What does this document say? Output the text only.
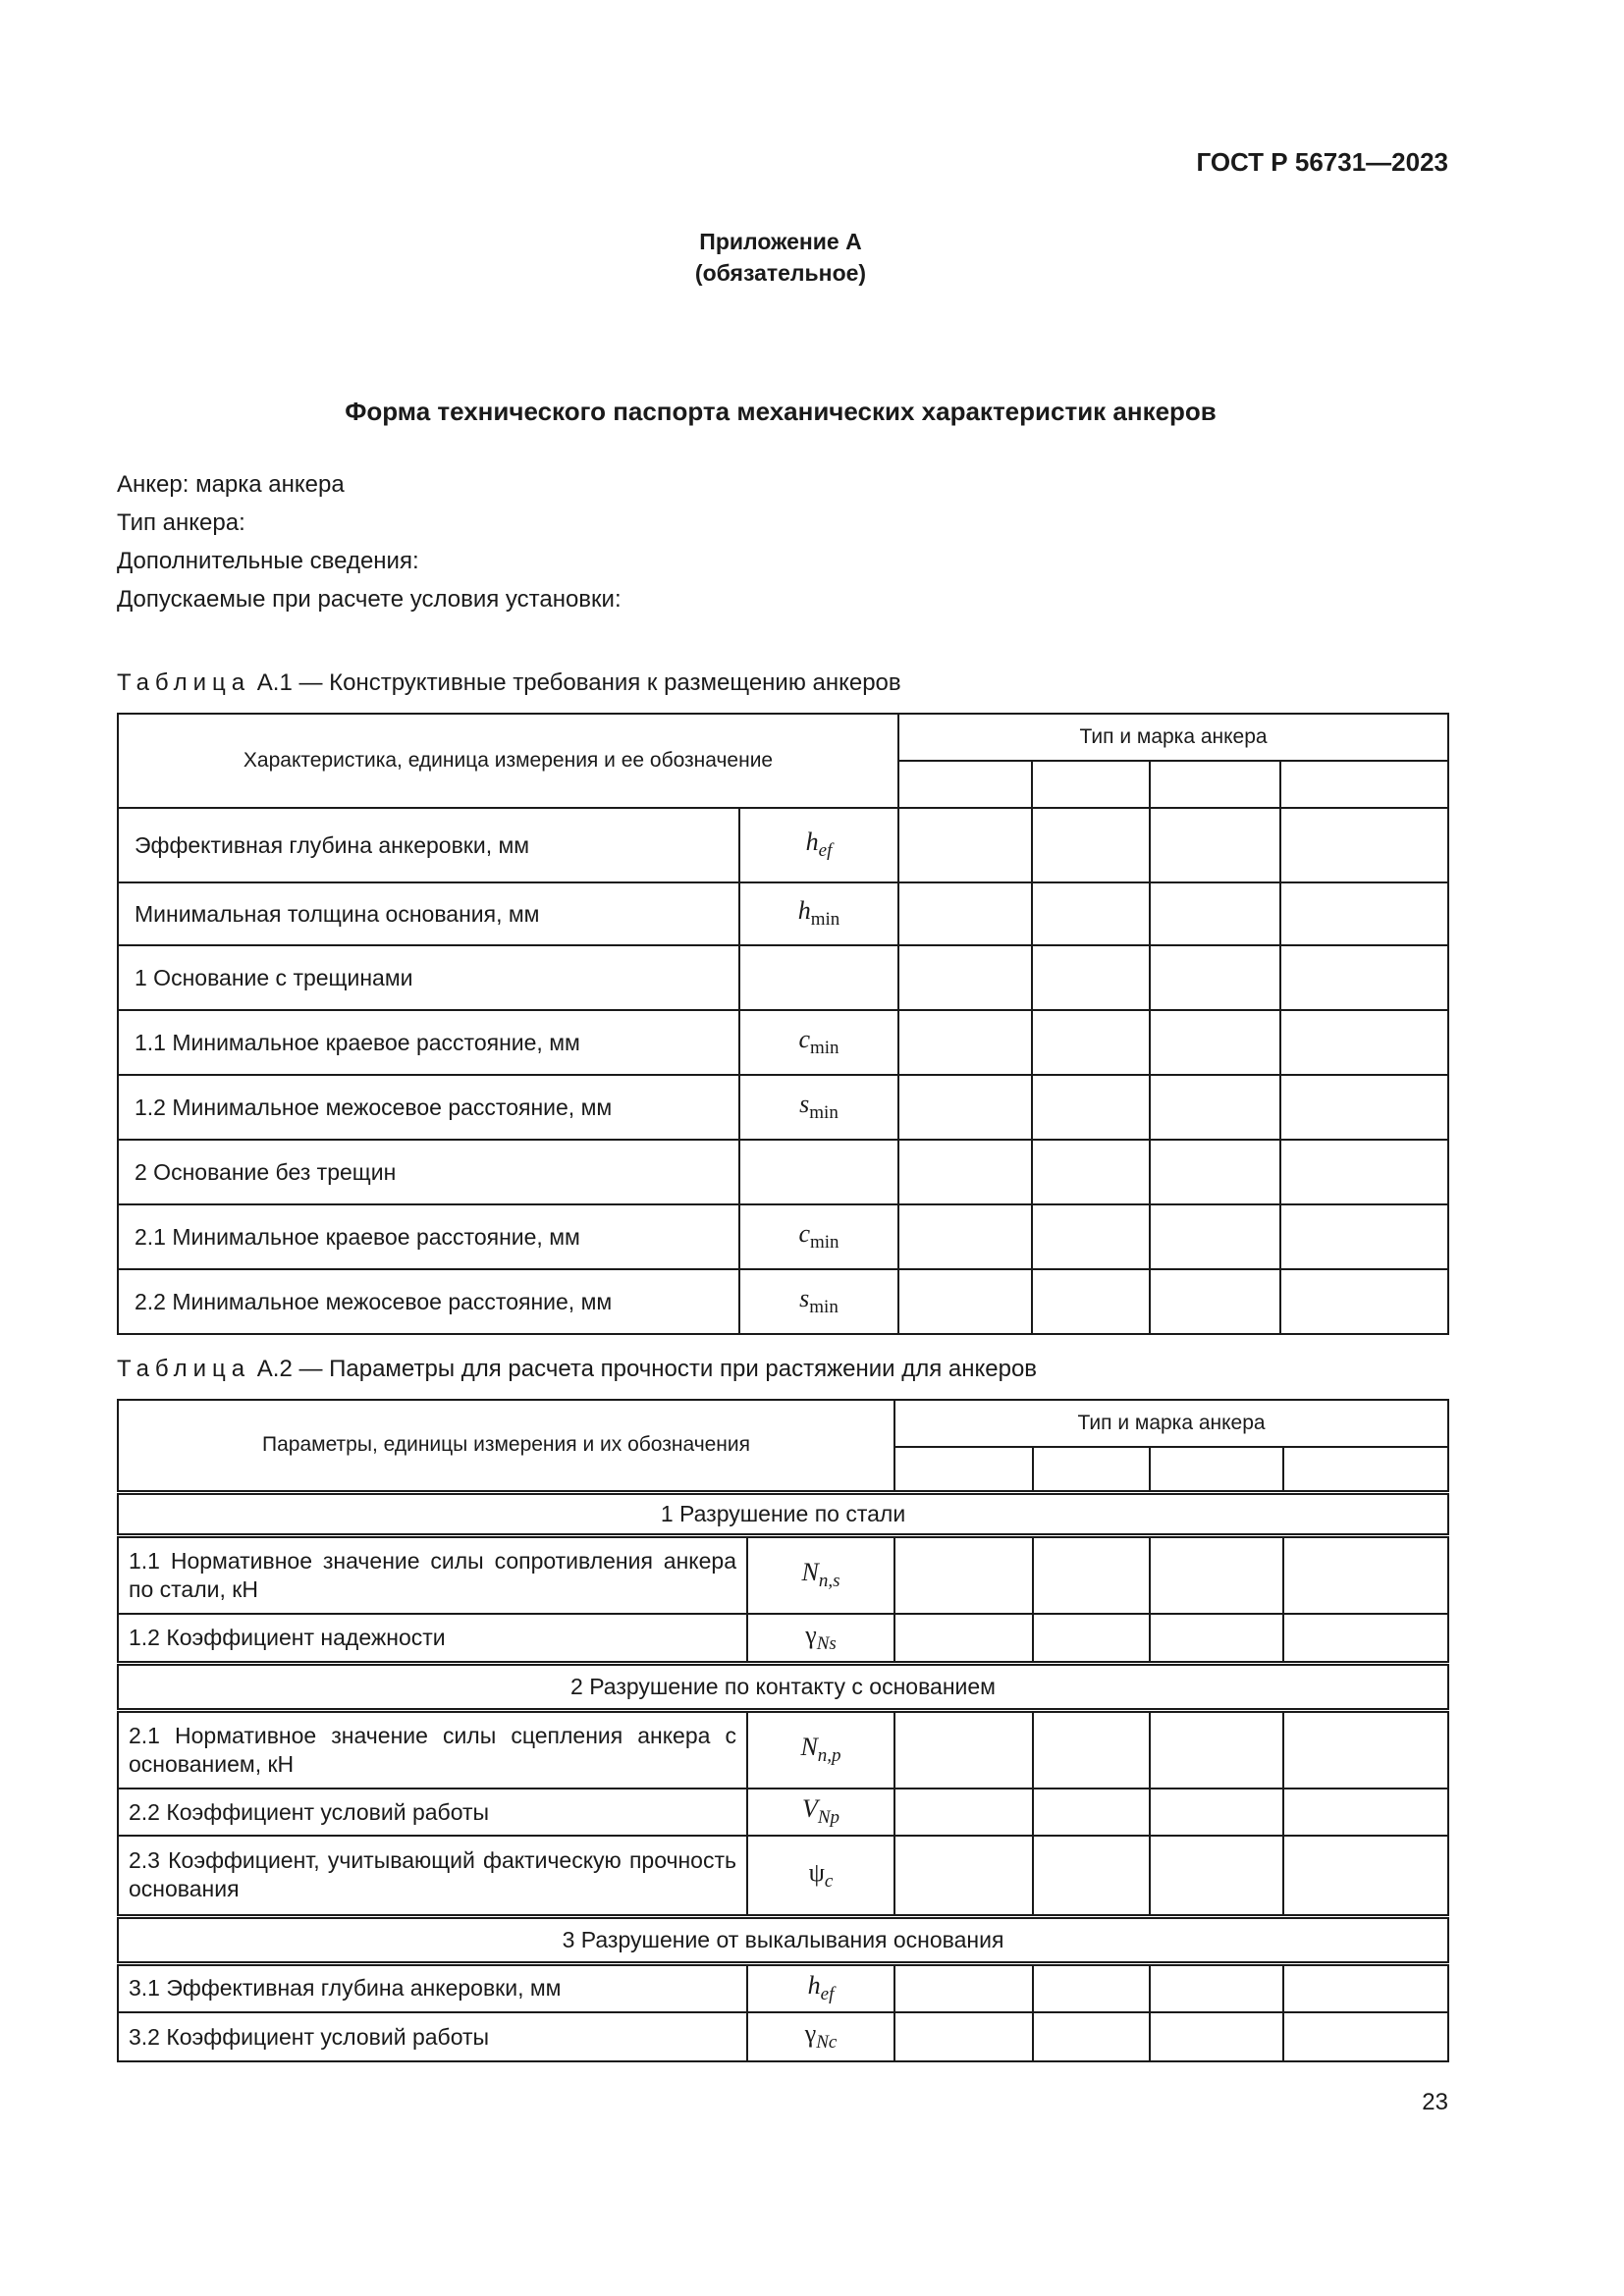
ГОСТ Р 56731—2023
Приложение А
(обязательное)
Форма технического паспорта механических характеристик анкеров
Анкер: марка анкера
Тип анкера:
Дополнительные сведения:
Допускаемые при расчете условия установки:
Таблица А.1 — Конструктивные требования к размещению анкеров
Характеристика, единица измерения и ее обозначение		Тип и марка анкера			

Эффективная глубина анкеровки, мм	$h_{ef}$				
Минимальная толщина основания, мм	$h_{min}$				
1 Основание с трещинами					
1.1 Минимальное краевое расстояние, мм	$c_{min}$				
1.2 Минимальное межосевое расстояние, мм	$s_{min}$				
2 Основание без трещин					
2.1 Минимальное краевое расстояние, мм	$c_{min}$				
2.2 Минимальное межосевое расстояние, мм	$s_{min}$				
Таблица А.2 — Параметры для расчета прочности при растяжении для анкеров
Параметры, единицы измерения и их обозначения		Тип и марка анкера			

1 Разрушение по стали					
1.1 Нормативное значение силы сопротивления анкера по стали, кН	$N_{n,s}$				
1.2 Коэффициент надежности	$\gamma_{Ns}$				
2 Разрушение по контакту с основанием					
2.1 Нормативное значение силы сцепления анкера с основанием, кН	$N_{n,p}$				
2.2 Коэффициент условий работы	$V_{Np}$				
2.3 Коэффициент, учитывающий фактическую прочность основания	$\psi_c$				
3 Разрушение от выкалывания основания					
3.1 Эффективная глубина анкеровки, мм	$h_{ef}$				
3.2 Коэффициент условий работы	$\gamma_{Nc}$				
23
